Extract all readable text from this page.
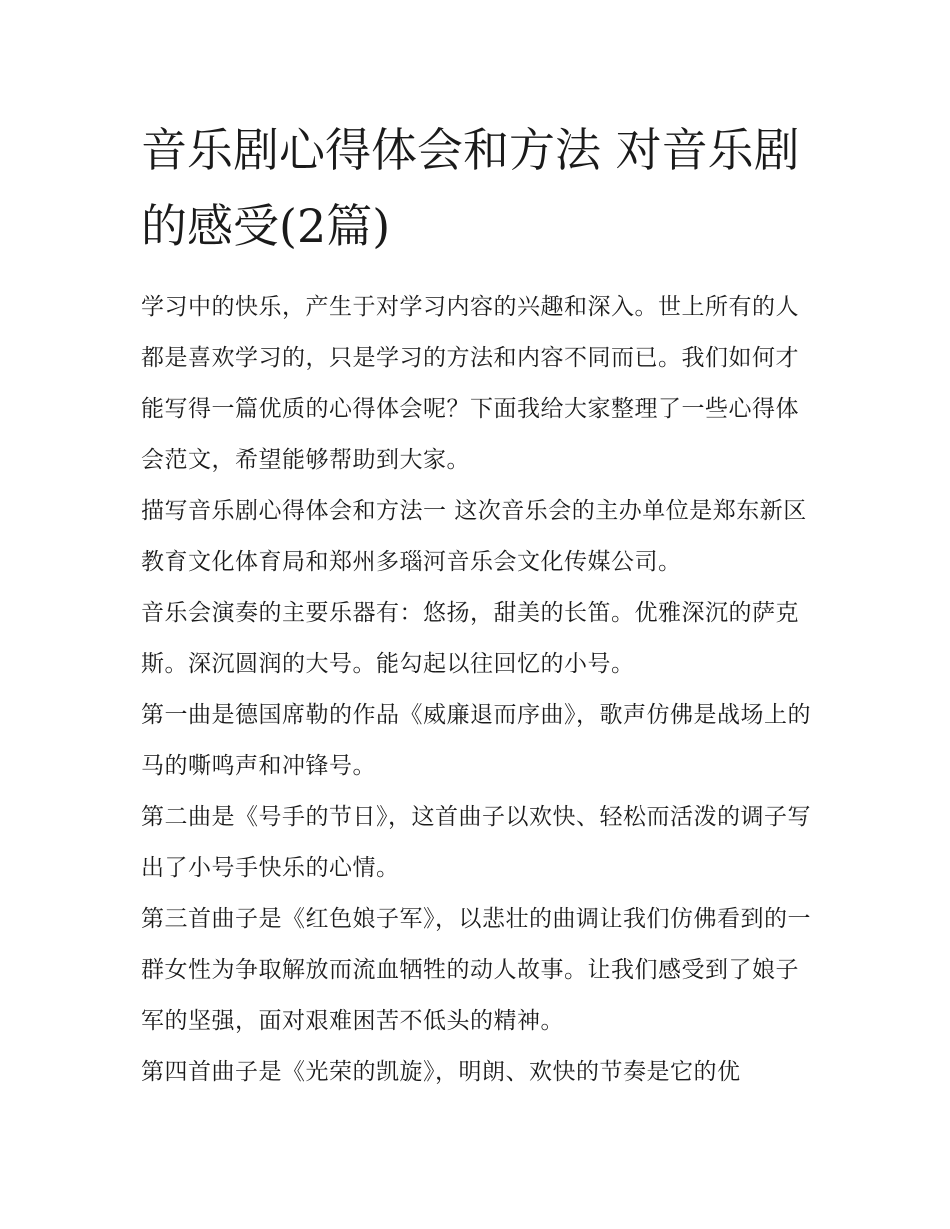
音乐剧心得体会和方法 对音乐剧的感受(2篇)

学习中的快乐，产生于对学习内容的兴趣和深入。世上所有的人都是喜欢学习的，只是学习的方法和内容不同而已。我们如何才能写得一篇优质的心得体会呢？下面我给大家整理了一些心得体会范文，希望能够帮助到大家。

描写音乐剧心得体会和方法一 这次音乐会的主办单位是郑东新区教育文化体育局和郑州多瑙河音乐会文化传媒公司。

音乐会演奏的主要乐器有：悠扬，甜美的长笛。优雅深沉的萨克斯。深沉圆润的大号。能勾起以往回忆的小号。

第一曲是德国席勒的作品《威廉退而序曲》，歌声仿佛是战场上的马的嘶鸣声和冲锋号。

第二曲是《号手的节日》，这首曲子以欢快、轻松而活泼的调子写出了小号手快乐的心情。

第三首曲子是《红色娘子军》，以悲壮的曲调让我们仿佛看到的一群女性为争取解放而流血牺牲的动人故事。让我们感受到了娘子军的坚强，面对艰难困苦不低头的精神。

第四首曲子是《光荣的凯旋》，明朗、欢快的节奏是它的优
